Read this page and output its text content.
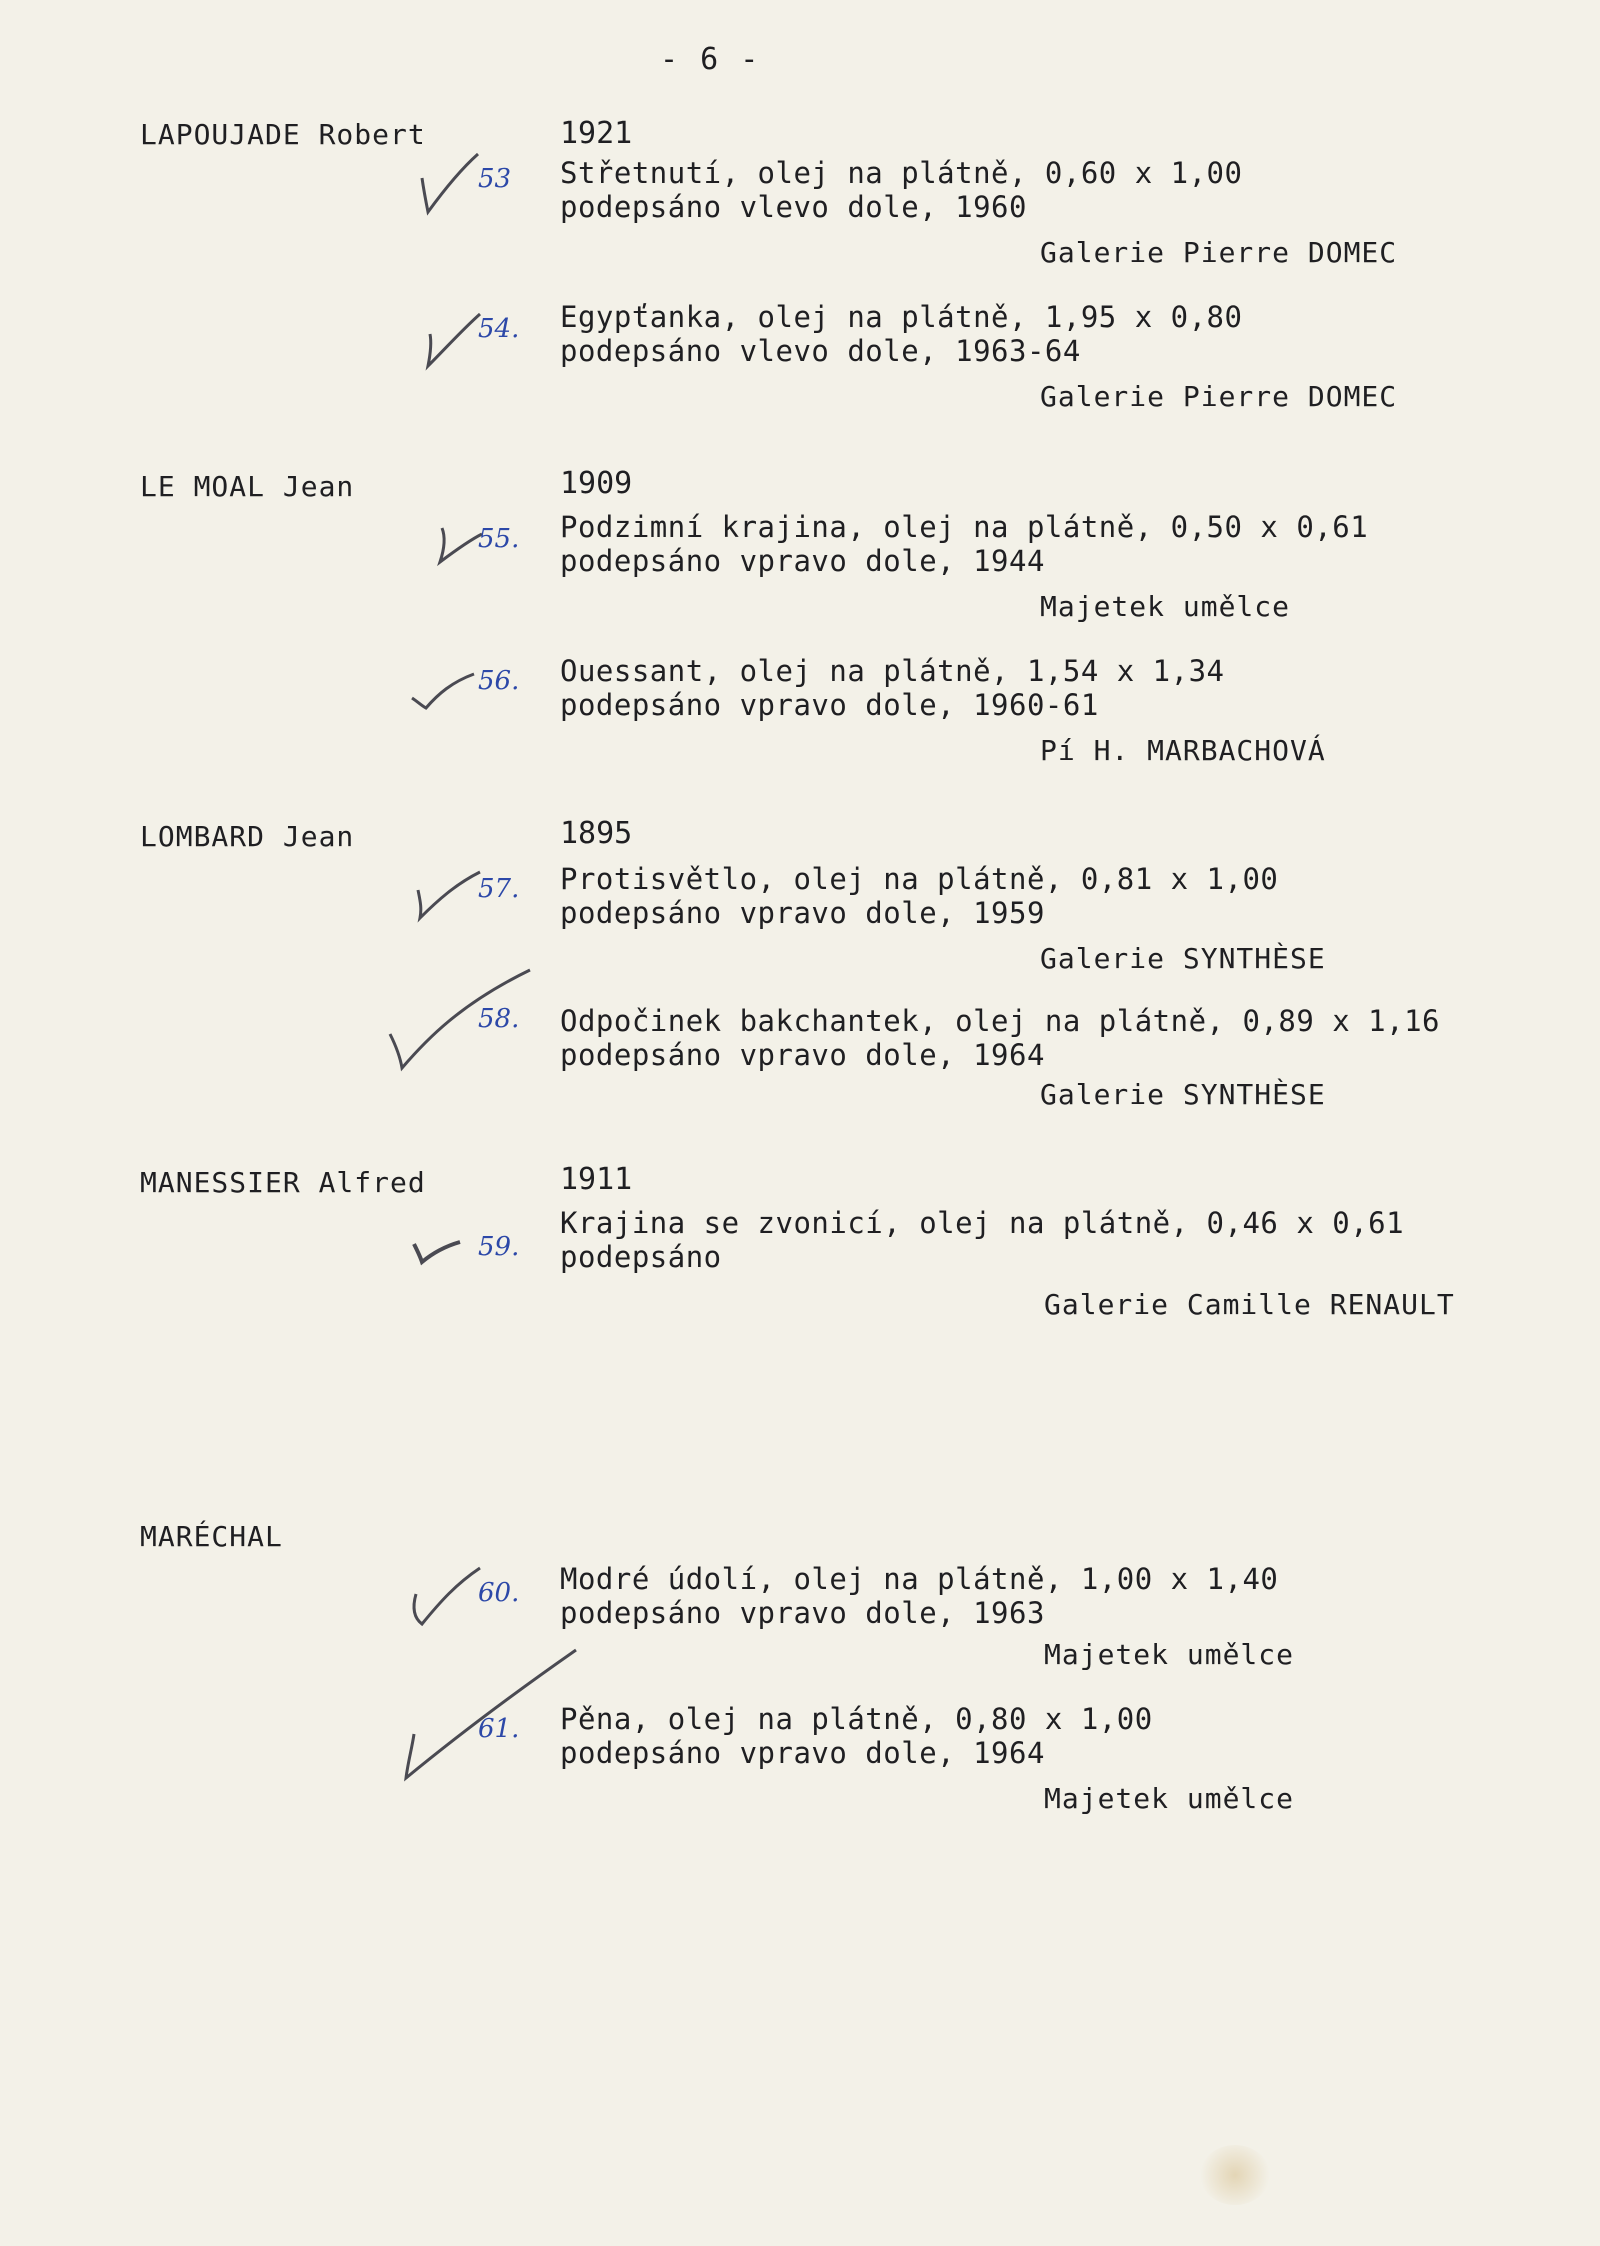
- 6 -
LAPOUJADE Robert	1921
53 Střetnutí, olej na plátně, 0,60 x 1,00
podepsáno vlevo dole, 1960
Galerie Pierre DOMEC
54. Egypťanka, olej na plátně, 1,95 x 0,80
podepsáno vlevo dole, 1963-64
Galerie Pierre DOMEC
LE MOAL Jean	1909
55. Podzimní krajina, olej na plátně, 0,50 x 0,61
podepsáno vpravo dole, 1944
Majetek umělce
56. Ouessant, olej na plátně, 1,54 x 1,34
podepsáno vpravo dole, 1960-61
Pí H. MARBACHOVÁ
LOMBARD Jean	1895
57. Protisvětlo, olej na plátně, 0,81 x 1,00
podepsáno vpravo dole, 1959
Galerie SYNTHÈSE
58. Odpočinek bakchantek, olej na plátně, 0,89 x 1,16
podepsáno vpravo dole, 1964
Galerie SYNTHÈSE
MANESSIER Alfred	1911
59.
Krajina se zvonicí, olej na plátně, 0,46 x 0,61
podepsáno
Galerie Camille RENAULT
MARÉCHAL
60. Modré údolí, olej na plátně, 1,00 x 1,40
podepsáno vpravo dole, 1963
Majetek umělce
61. Pěna, olej na plátně, 0,80 x 1,00
podepsáno vpravo dole, 1964
Majetek umělce
